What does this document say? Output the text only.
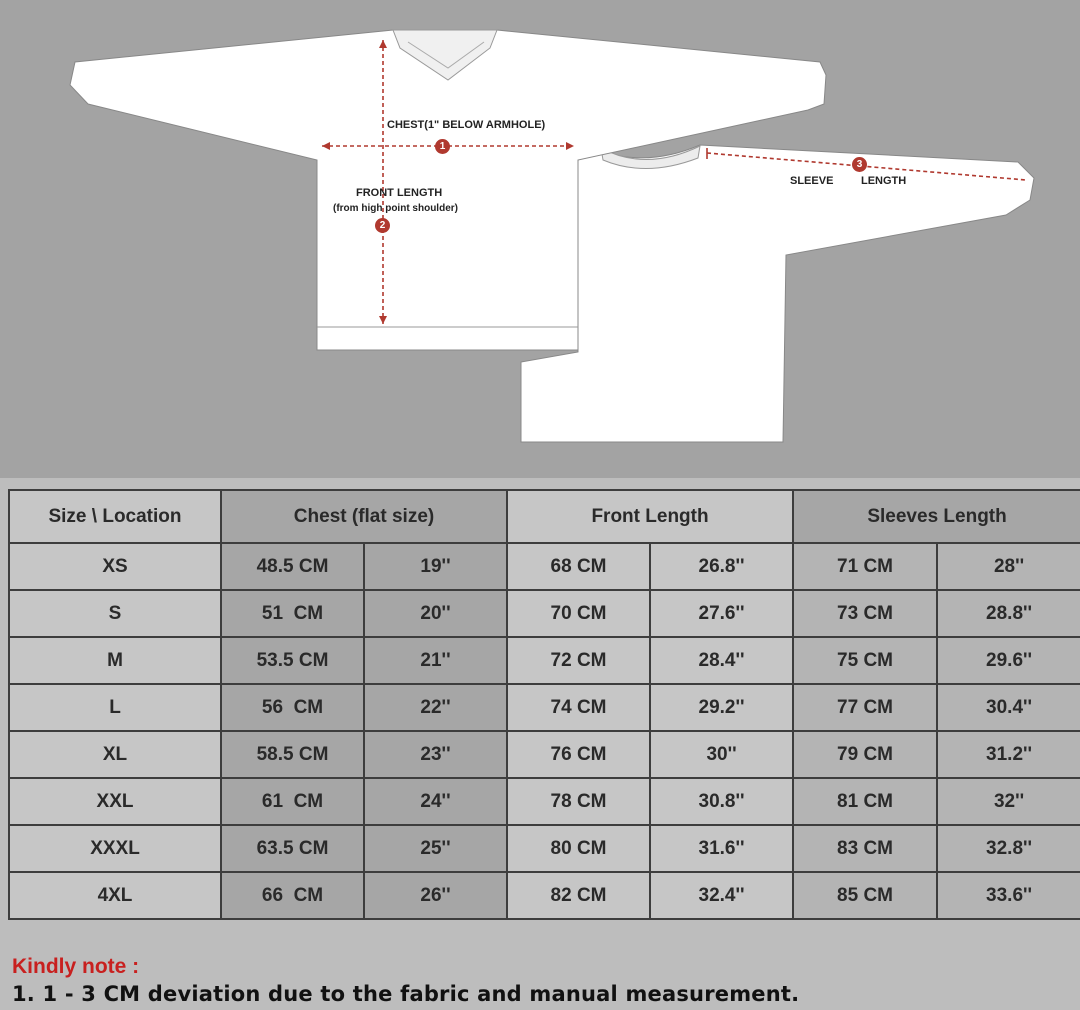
CHEST(1" BELOW ARMHOLE)
1
FRONT LENGTH
(from high point shoulder)
2
3
SLEEVE	LENGTH
Size \ Location	Chest (flat size)		Front Length		Sleeves Length	
XS	48.5 CM	19''	68 CM	26.8''	71 CM	28''
S	51  CM	20''	70 CM	27.6''	73 CM	28.8''
M	53.5 CM	21''	72 CM	28.4''	75 CM	29.6''
L	56  CM	22''	74 CM	29.2''	77 CM	30.4''
XL	58.5 CM	23''	76 CM	30''	79 CM	31.2''
XXL	61  CM	24''	78 CM	30.8''	81 CM	32''
XXXL	63.5 CM	25''	80 CM	31.6''	83 CM	32.8''
4XL	66  CM	26''	82 CM	32.4''	85 CM	33.6''
Kindly note :
1. 1 - 3 CM deviation due to the fabric and manual measurement.
